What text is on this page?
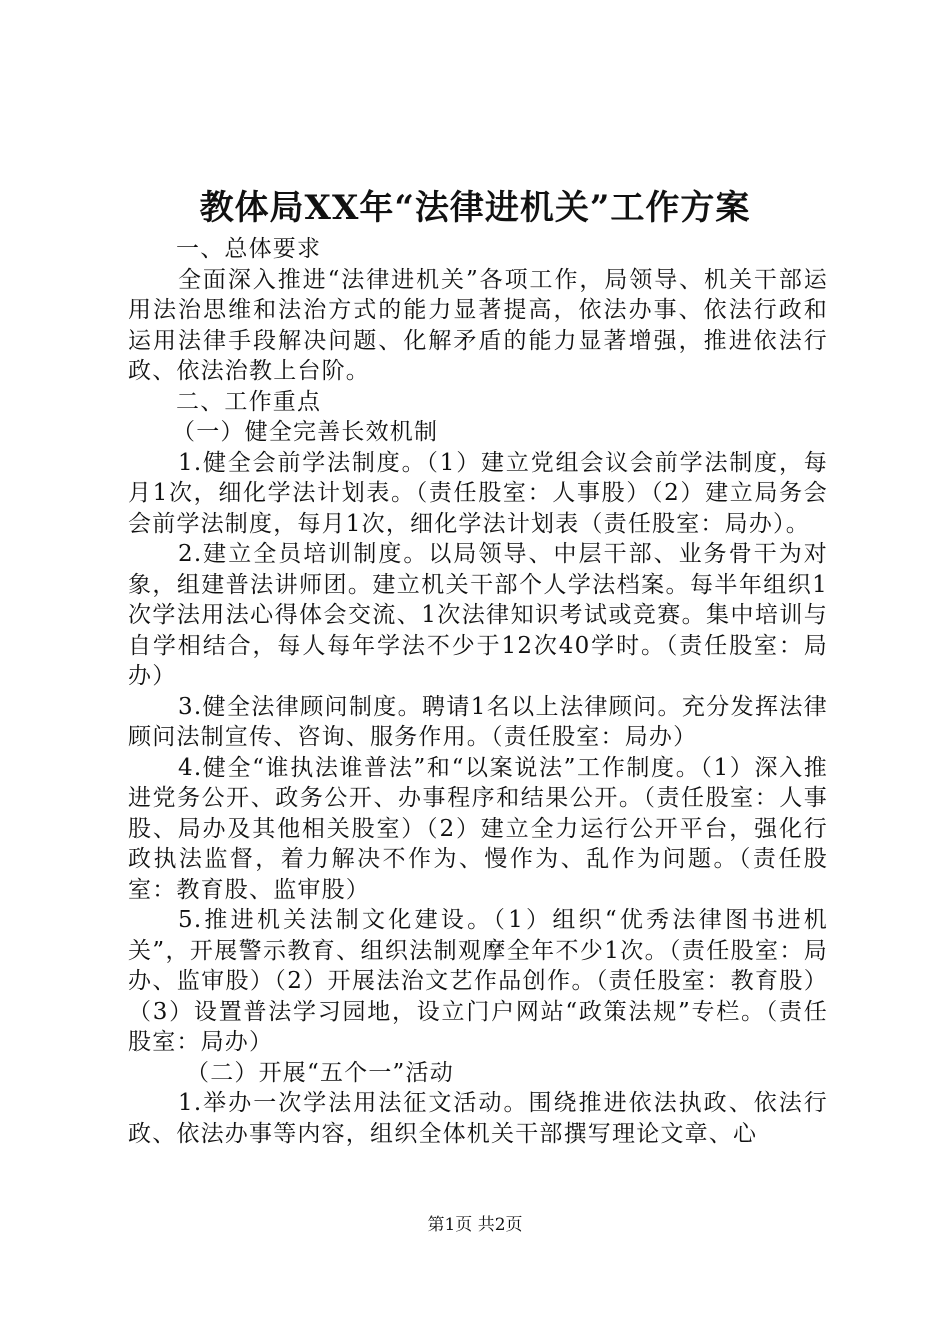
教体局XX年“法律进机关”工作方案

一、总体要求

全面深入推进“法律进机关”各项工作，局领导、机关干部运用法治思维和法治方式的能力显著提高，依法办事、依法行政和运用法律手段解决问题、化解矛盾的能力显著增强，推进依法行政、依法治教上台阶。

二、工作重点

（一）健全完善长效机制

1.健全会前学法制度。（1）建立党组会议会前学法制度，每月1次，细化学法计划表。（责任股室：人事股）（2）建立局务会会前学法制度，每月1次，细化学法计划表（责任股室：局办）。

2.建立全员培训制度。以局领导、中层干部、业务骨干为对象，组建普法讲师团。建立机关干部个人学法档案。每半年组织1次学法用法心得体会交流、1次法律知识考试或竞赛。集中培训与自学相结合，每人每年学法不少于12次40学时。（责任股室：局办）

3.健全法律顾问制度。聘请1名以上法律顾问。充分发挥法律顾问法制宣传、咨询、服务作用。（责任股室：局办）

4.健全“谁执法谁普法”和“以案说法”工作制度。（1）深入推进党务公开、政务公开、办事程序和结果公开。（责任股室：人事股、局办及其他相关股室）（2）建立全力运行公开平台，强化行政执法监督，着力解决不作为、慢作为、乱作为问题。（责任股室：教育股、监审股）

5.推进机关法制文化建设。（1）组织“优秀法律图书进机关”，开展警示教育、组织法制观摩全年不少1次。（责任股室：局办、监审股）（2）开展法治文艺作品创作。（责任股室：教育股）（3）设置普法学习园地，设立门户网站“政策法规”专栏。（责任股室：局办）

（二）开展“五个一”活动

1.举办一次学法用法征文活动。围绕推进依法执政、依法行政、依法办事等内容，组织全体机关干部撰写理论文章、心

第1页 共2页
